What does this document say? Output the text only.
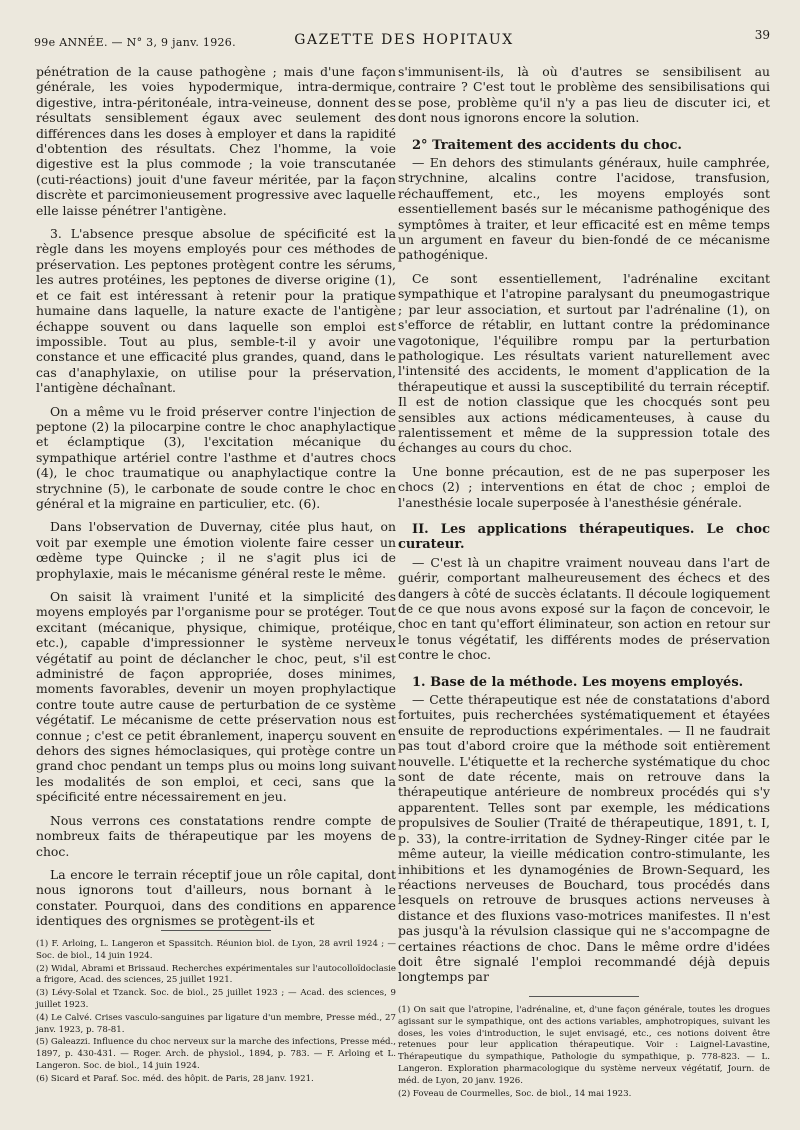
99e ANNÉE. — N° 3, 9 janv. 1926.	GAZETTE DES HOPITAUX	39

pénétration de la cause pathogène ; mais d'une façon générale, les voies hypodermique, intra-dermique, digestive, intra-péritonéale, intra-veineuse, donnent des résultats sensiblement égaux avec seulement des différences dans les doses à employer et dans la rapidité d'obtention des résultats. Chez l'homme, la voie digestive est la plus commode ; la voie transcutanée (cuti-réactions) jouit d'une faveur méritée, par la façon discrète et parcimonieusement progressive avec laquelle elle laisse pénétrer l'antigène.

3. L'absence presque absolue de spécificité est la règle dans les moyens employés pour ces méthodes de préservation. Les peptones protègent contre les sérums, les autres protéines, les peptones de diverse origine (1), et ce fait est intéressant à retenir pour la pratique humaine dans laquelle, la nature exacte de l'antigène échappe souvent ou dans laquelle son emploi est impossible. Tout au plus, semble-t-il y avoir une constance et une efficacité plus grandes, quand, dans le cas d'anaphylaxie, on utilise pour la préservation, l'antigène déchaînant.

On a même vu le froid préserver contre l'injection de peptone (2) la pilocarpine contre le choc anaphylactique et éclamptique (3), l'excitation mécanique du sympathique artériel contre l'asthme et d'autres chocs (4), le choc traumatique ou anaphylactique contre la strychnine (5), le carbonate de soude contre le choc en général et la migraine en particulier, etc. (6).

Dans l'observation de Duvernay, citée plus haut, on voit par exemple une émotion violente faire cesser un œdème type Quincke ; il ne s'agit plus ici de prophylaxie, mais le mécanisme général reste le même.

On saisit là vraiment l'unité et la simplicité des moyens employés par l'organisme pour se protéger. Tout excitant (mécanique, physique, chimique, protéique, etc.), capable d'impressionner le système nerveux végétatif au point de déclancher le choc, peut, s'il est administré de façon appropriée, doses minimes, moments favorables, devenir un moyen prophylactique contre toute autre cause de perturbation de ce système végétatif. Le mécanisme de cette préservation nous est connue ; c'est ce petit ébranlement, inaperçu souvent en dehors des signes hémoclasiques, qui protège contre un grand choc pendant un temps plus ou moins long suivant les modalités de son emploi, et ceci, sans que la spécificité entre nécessairement en jeu.

Nous verrons ces constatations rendre compte de nombreux faits de thérapeutique par les moyens de choc.

La encore le terrain réceptif joue un rôle capital, dont nous ignorons tout d'ailleurs, nous bornant à le constater. Pourquoi, dans des conditions en apparence identiques des orgnismes se protègent-ils et

(1) F. Arloing, L. Langeron et Spassitch. Réunion biol. de Lyon, 28 avril 1924 ; — Soc. de biol., 14 juin 1924.

(2) Widal, Abrami et Brissaud. Recherches expérimentales sur l'autocolloïdoclasie a frigore, Acad. des sciences, 25 juillet 1921.

(3) Lévy-Solal et Tzanck. Soc. de biol., 25 juillet 1923 ; — Acad. des sciences, 9 juillet 1923.

(4) Le Calvé. Crises vasculo-sanguines par ligature d'un membre, Presse méd., 27 janv. 1923, p. 78-81.

(5) Galeazzi. Influence du choc nerveux sur la marche des infections, Presse méd., 1897, p. 430-431. — Roger. Arch. de physiol., 1894, p. 783. — F. Arloing et L. Langeron. Soc. de biol., 14 juin 1924.

(6) Sicard et Paraf. Soc. méd. des hôpit. de Paris, 28 janv. 1921.

s'immunisent-ils, là où d'autres se sensibilisent au contraire ? C'est tout le problème des sensibilisations qui se pose, problème qu'il n'y a pas lieu de discuter ici, et dont nous ignorons encore la solution.

2° Traitement des accidents du choc.

— En dehors des stimulants généraux, huile camphrée, strychnine, alcalins contre l'acidose, transfusion, réchauffement, etc., les moyens employés sont essentiellement basés sur le mécanisme pathogénique des symptômes à traiter, et leur efficacité est en même temps un argument en faveur du bien-fondé de ce mécanisme pathogénique.

Ce sont essentiellement, l'adrénaline excitant sympathique et l'atropine paralysant du pneumogastrique ; par leur association, et surtout par l'adrénaline (1), on s'efforce de rétablir, en luttant contre la prédominance vagotonique, l'équilibre rompu par la perturbation pathologique. Les résultats varient naturellement avec l'intensité des accidents, le moment d'application de la thérapeutique et aussi la susceptibilité du terrain réceptif. Il est de notion classique que les chocqués sont peu sensibles aux actions médicamenteuses, à cause du ralentissement et même de la suppression totale des échanges au cours du choc.

Une bonne précaution, est de ne pas superposer les chocs (2) ; interventions en état de choc ; emploi de l'anesthésie locale superposée à l'anesthésie générale.

II. Les applications thérapeutiques. Le choc curateur.

— C'est là un chapitre vraiment nouveau dans l'art de guérir, comportant malheureusement des échecs et des dangers à côté de succès éclatants. Il découle logiquement de ce que nous avons exposé sur la façon de concevoir, le choc en tant qu'effort éliminateur, son action en retour sur le tonus végétatif, les différents modes de préservation contre le choc.

1. Base de la méthode. Les moyens employés.

— Cette thérapeutique est née de constatations d'abord fortuites, puis recherchées systématiquement et étayées ensuite de reproductions expérimentales. — Il ne faudrait pas tout d'abord croire que la méthode soit entièrement nouvelle. L'étiquette et la recherche systématique du choc sont de date récente, mais on retrouve dans la thérapeutique antérieure de nombreux procédés qui s'y apparentent. Telles sont par exemple, les médications propulsives de Soulier (Traité de thérapeutique, 1891, t. I, p. 33), la contre-irritation de Sydney-Ringer citée par le même auteur, la vieille médication contro-stimulante, les inhibitions et les dynamogénies de Brown-Sequard, les réactions nerveuses de Bouchard, tous procédés dans lesquels on retrouve de brusques actions nerveuses à distance et des fluxions vaso-motrices manifestes. Il n'est pas jusqu'à la révulsion classique qui ne s'accompagne de certaines réactions de choc. Dans le même ordre d'idées doit être signalé l'emploi recommandé déjà depuis longtemps par

(1) On sait que l'atropine, l'adrénaline, et, d'une façon générale, toutes les drogues agissant sur le sympathique, ont des actions variables, amphotropiques, suivant les doses, les voies d'introduction, le sujet envisagé, etc., ces notions doivent être retenues pour leur application thérapeutique. Voir : Laignel-Lavastine, Thérapeutique du sympathique, Pathologie du sympathique, p. 778-823. — L. Langeron. Exploration pharmacologique du système nerveux végétatif, Journ. de méd. de Lyon, 20 janv. 1926.

(2) Foveau de Courmelles, Soc. de biol., 14 mai 1923.
